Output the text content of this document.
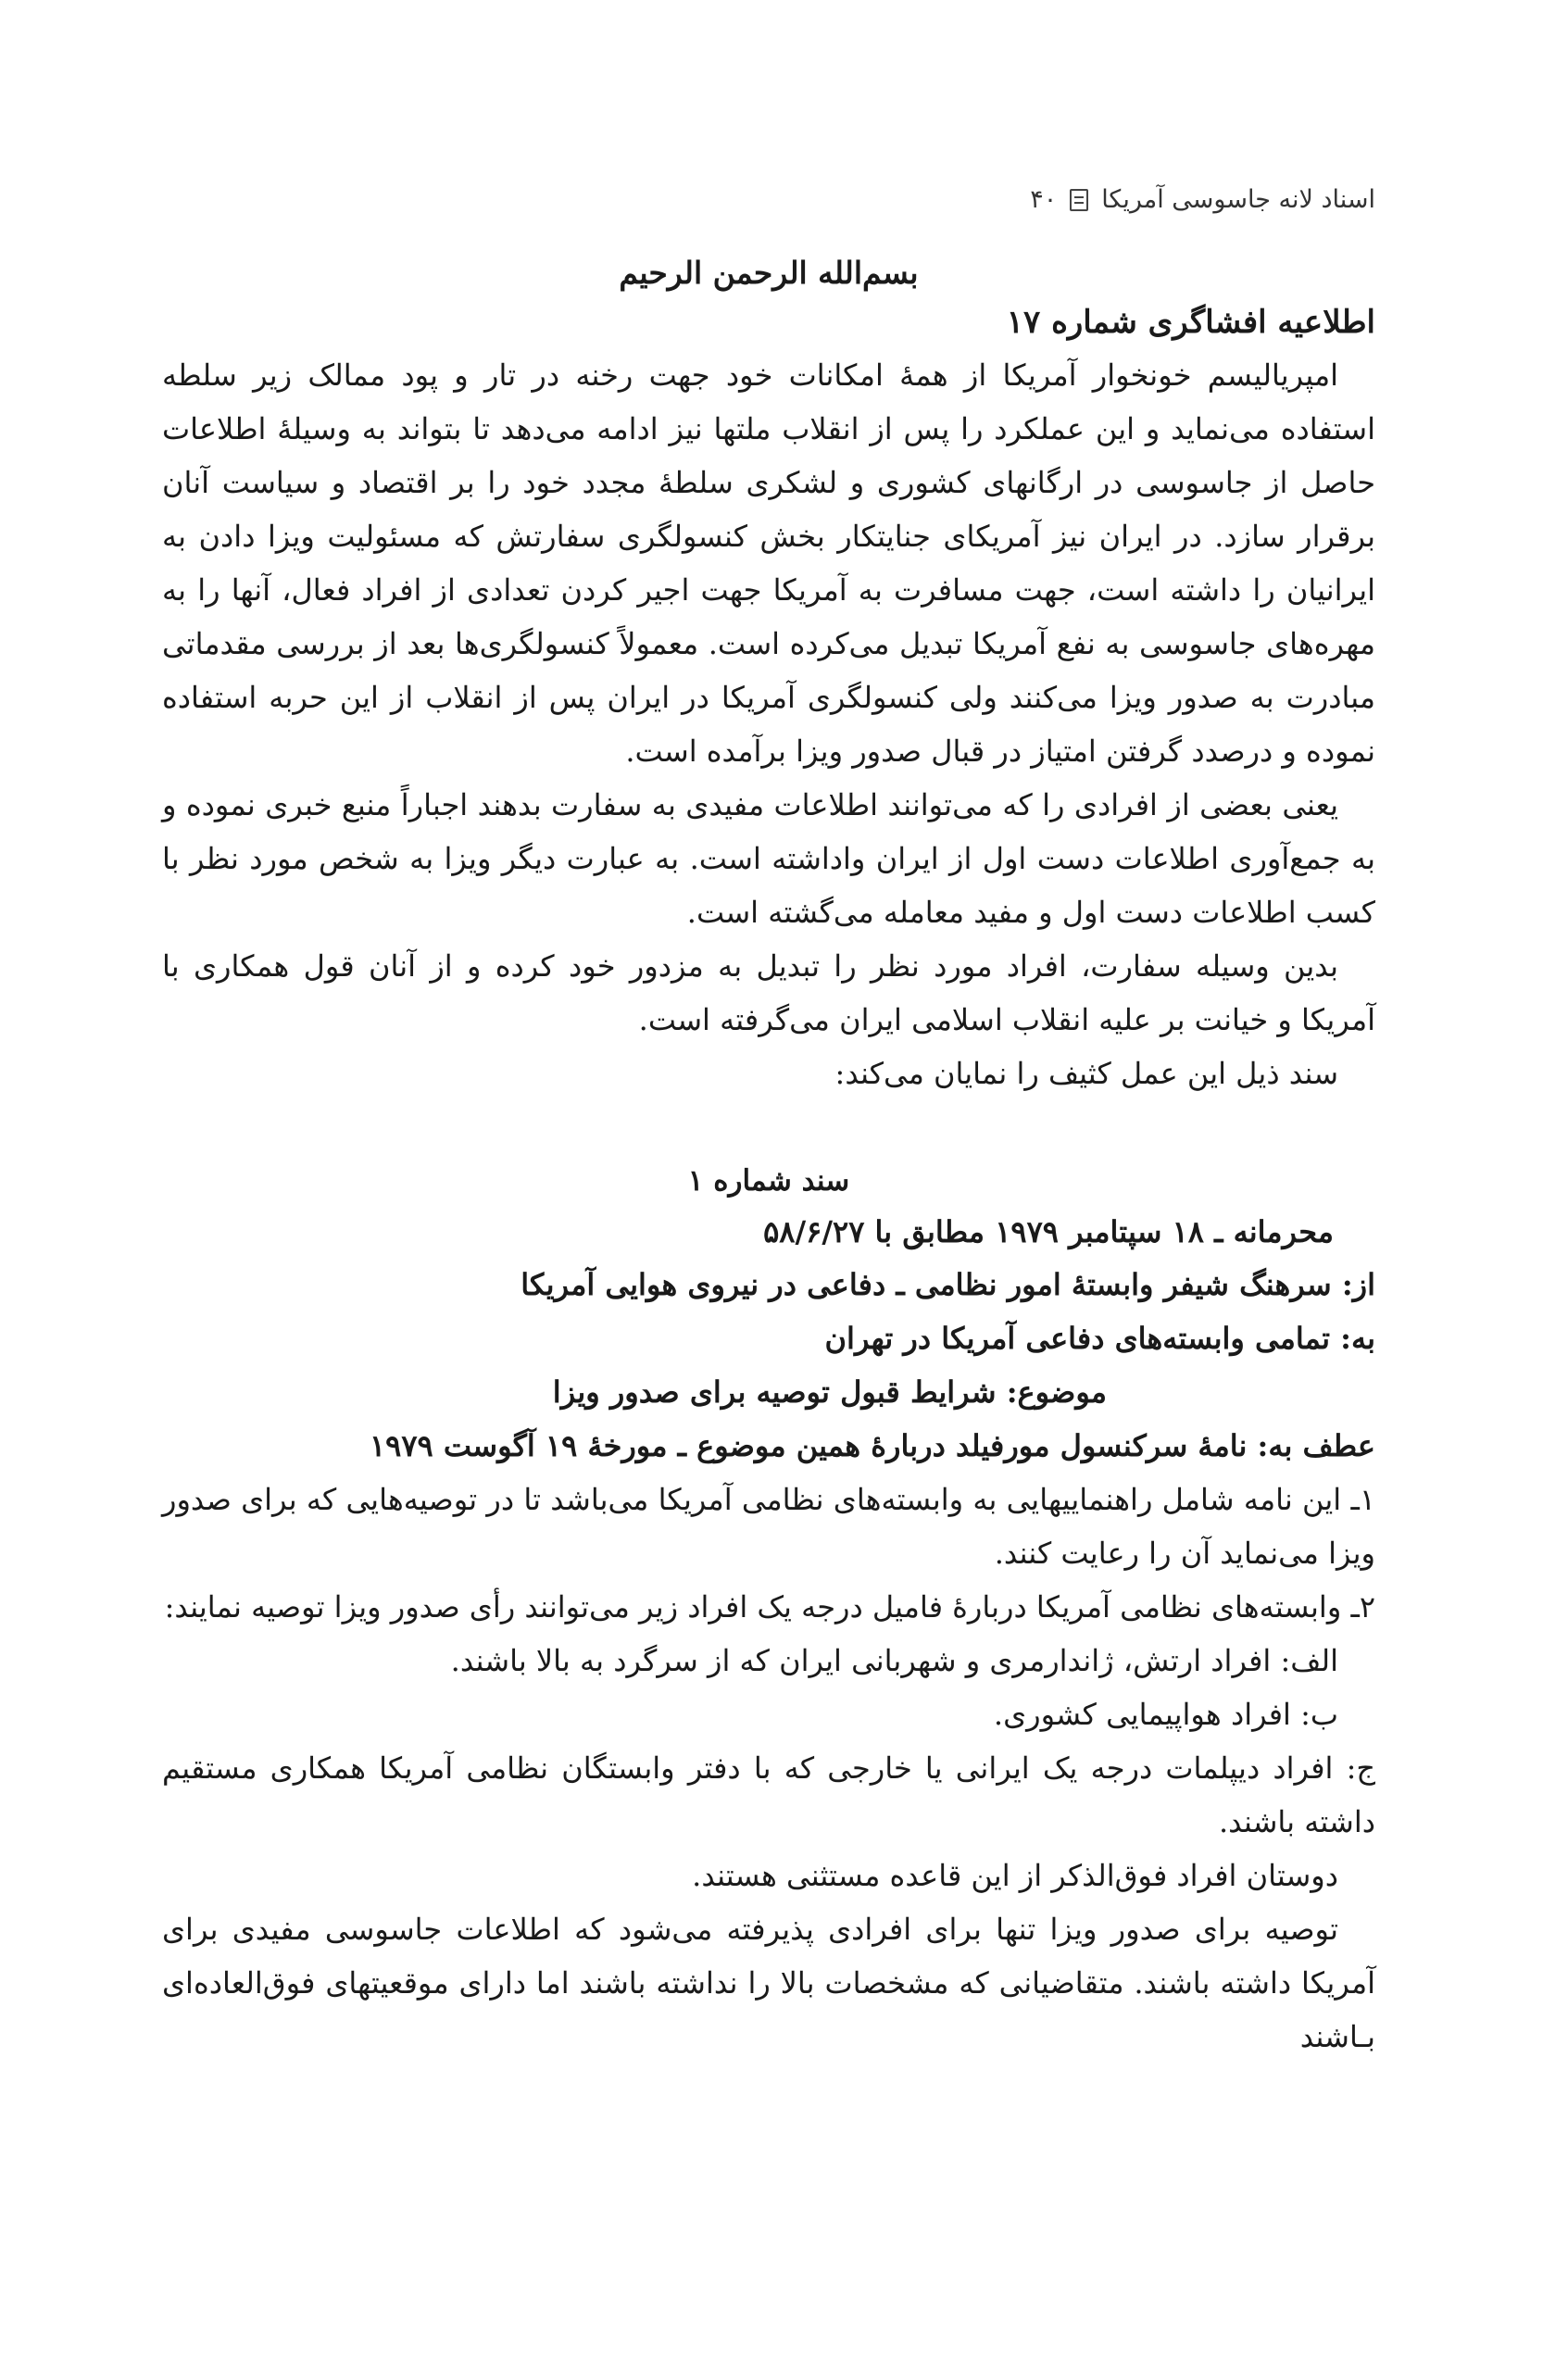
اسناد لانه جاسوسی آمریکا
۴۰
بسم‌الله الرحمن الرحیم
اطلاعیه افشاگری شماره ۱۷

امپریالیسم خونخوار آمریکا از همهٔ امکانات خود جهت رخنه در تار و پود ممالک زیر سلطه استفاده می‌نماید و این عملکرد را پس از انقلاب ملتها نیز ادامه می‌دهد تا بتواند به وسیلهٔ اطلاعات حاصل از جاسوسی در ارگانهای کشوری و لشکری سلطهٔ مجدد خود را بر اقتصاد و سیاست آنان برقرار سازد. در ایران نیز آمریکای جنایتکار بخش کنسولگری سفارتش که مسئولیت ویزا دادن به ایرانیان را داشته است، جهت مسافرت به آمریکا جهت اجیر کردن تعدادی از افراد فعال، آنها را به مهره‌های جاسوسی به نفع آمریکا تبدیل می‌کرده است. معمولاً کنسولگری‌ها بعد از بررسی مقدماتی مبادرت به صدور ویزا می‌کنند ولی کنسولگری آمریکا در ایران پس از انقلاب از این حربه استفاده نموده و درصدد گرفتن امتیاز در قبال صدور ویزا برآمده است.

یعنی بعضی از افرادی را که می‌توانند اطلاعات مفیدی به سفارت بدهند اجباراً منبع خبری نموده و به جمع‌آوری اطلاعات دست اول از ایران واداشته است. به عبارت دیگر ویزا به شخص مورد نظر با کسب اطلاعات دست اول و مفید معامله می‌گشته است.

بدین وسیله سفارت، افراد مورد نظر را تبدیل به مزدور خود کرده و از آنان قول همکاری با آمریکا و خیانت بر علیه انقلاب اسلامی ایران می‌گرفته است.

سند ذیل این عمل کثیف را نمایان می‌کند:

سند شماره ۱
محرمانه ـ ۱۸ سپتامبر ۱۹۷۹ مطابق با ۵۸/۶/۲۷
از: سرهنگ شیفر وابستهٔ امور نظامی ـ دفاعی در نیروی هوایی آمریکا
به: تمامی وابسته‌های دفاعی آمریکا در تهران
موضوع: شرایط قبول توصیه برای صدور ویزا
عطف به: نامهٔ سرکنسول مورفیلد دربارهٔ همین موضوع ـ مورخهٔ ۱۹ آگوست ۱۹۷۹

۱ـ این نامه شامل راهنماییهایی به وابسته‌های نظامی آمریکا می‌باشد تا در توصیه‌هایی که برای صدور ویزا می‌نماید آن را رعایت کنند.

۲ـ وابسته‌های نظامی آمریکا دربارهٔ فامیل درجه یک افراد زیر می‌توانند رأی صدور ویزا توصیه نمایند:

الف: افراد ارتش، ژاندارمری و شهربانی ایران که از سرگرد به بالا باشند.

ب: افراد هواپیمایی کشوری.

ج: افراد دیپلمات درجه یک ایرانی یا خارجی که با دفتر وابستگان نظامی آمریکا همکاری مستقیم داشته باشند.

دوستان افراد فوق‌الذکر از این قاعده مستثنی هستند.

توصیه برای صدور ویزا تنها برای افرادی پذیرفته می‌شود که اطلاعات جاسوسی مفیدی برای آمریکا داشته باشند. متقاضیانی که مشخصات بالا را نداشته باشند اما دارای موقعیتهای فوق‌العاده‌ای بـاشند
